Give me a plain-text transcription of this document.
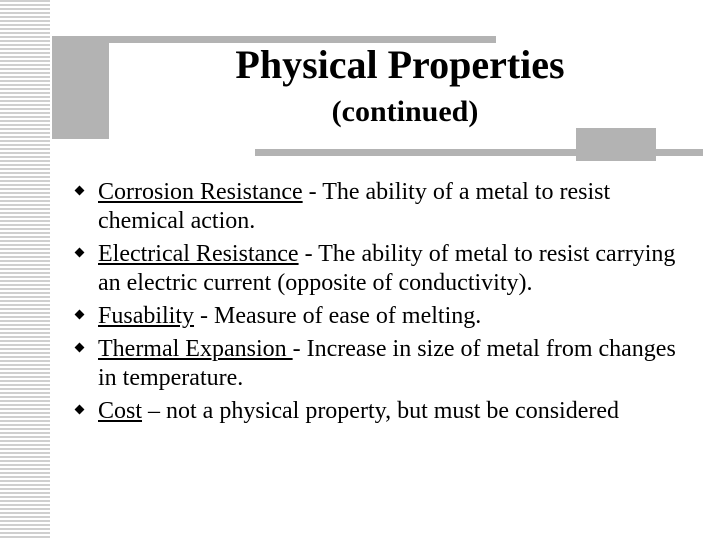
Physical Properties
(continued)
Corrosion Resistance - The ability of a metal to resist chemical action.
Electrical Resistance - The ability of metal to resist carrying an electric current (opposite of conductivity).
Fusability - Measure of ease of melting.
Thermal Expansion - Increase in size of metal from changes in temperature.
Cost – not a physical property, but must be considered
